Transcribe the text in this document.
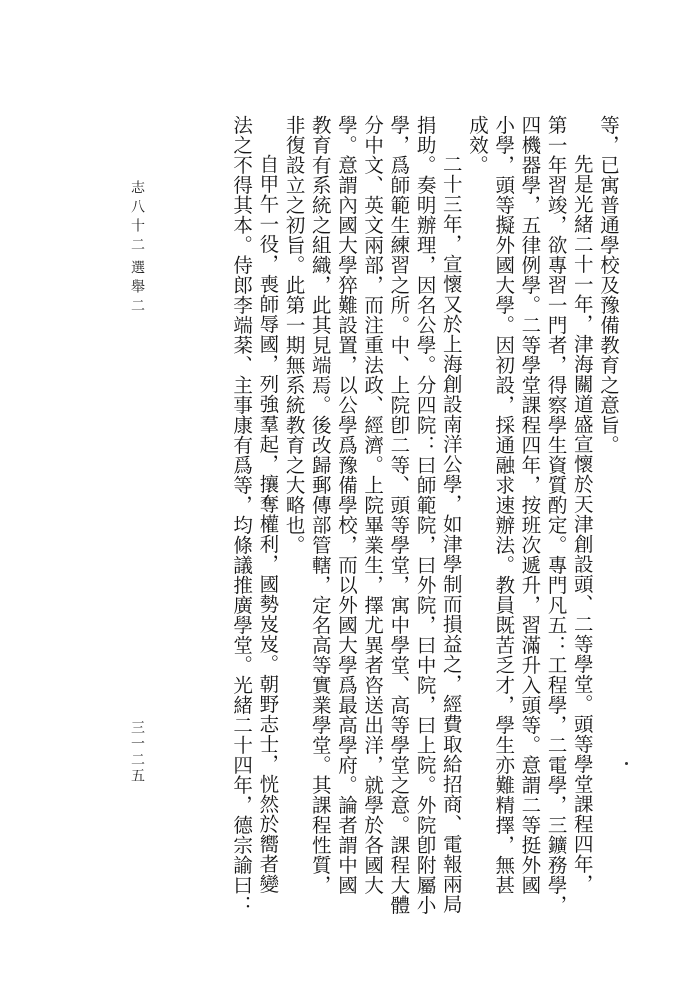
等，已寓普通學校及豫備教育之意旨。

先是光緒二十一年，津海關道盛宣懷於天津創設頭、二等學堂。頭等學堂課程四年，

第一年習竣，欲專習一門者，得察學生資質酌定。專門凡五：工程學，二電學，三鑛務學，

四機器學，五律例學。二等學堂課程四年，按班次遞升，習滿升入頭等。意謂二等挺外國

小學，頭等擬外國大學。因初設，採通融求速辦法。教員既苦乏才，學生亦難精擇，無甚

成效。

二十三年，宣懷又於上海創設南洋公學，如津學制而損益之，經費取給招商、電報兩局

捐助。奏明辦理，因名公學。分四院：曰師範院，曰外院，曰中院，曰上院。外院卽附屬小

學，爲師範生練習之所。中、上院卽二等、頭等學堂，寓中學堂、高等學堂之意。課程大體

分中文、英文兩部，而注重法政、經濟。上院畢業生，擇尤異者咨送出洋，就學於各國大

學。意謂內國大學猝難設置，以公學爲豫備學校，而以外國大學爲最高學府。論者謂中國

教育有系統之組織，此其見端焉。後改歸郵傳部管轄，定名高等實業學堂。其課程性質，

非復設立之初旨。此第一期無系統教育之大略也。

自甲午一役，喪師辱國，列強羣起，攘奪權利，國勢岌岌。朝野志士，恍然於嚮者變

法之不得其本。侍郎李端棻、主事康有爲等，均條議推廣學堂。光緒二十四年，德宗諭曰：

志八十二
選舉二
三一二五
